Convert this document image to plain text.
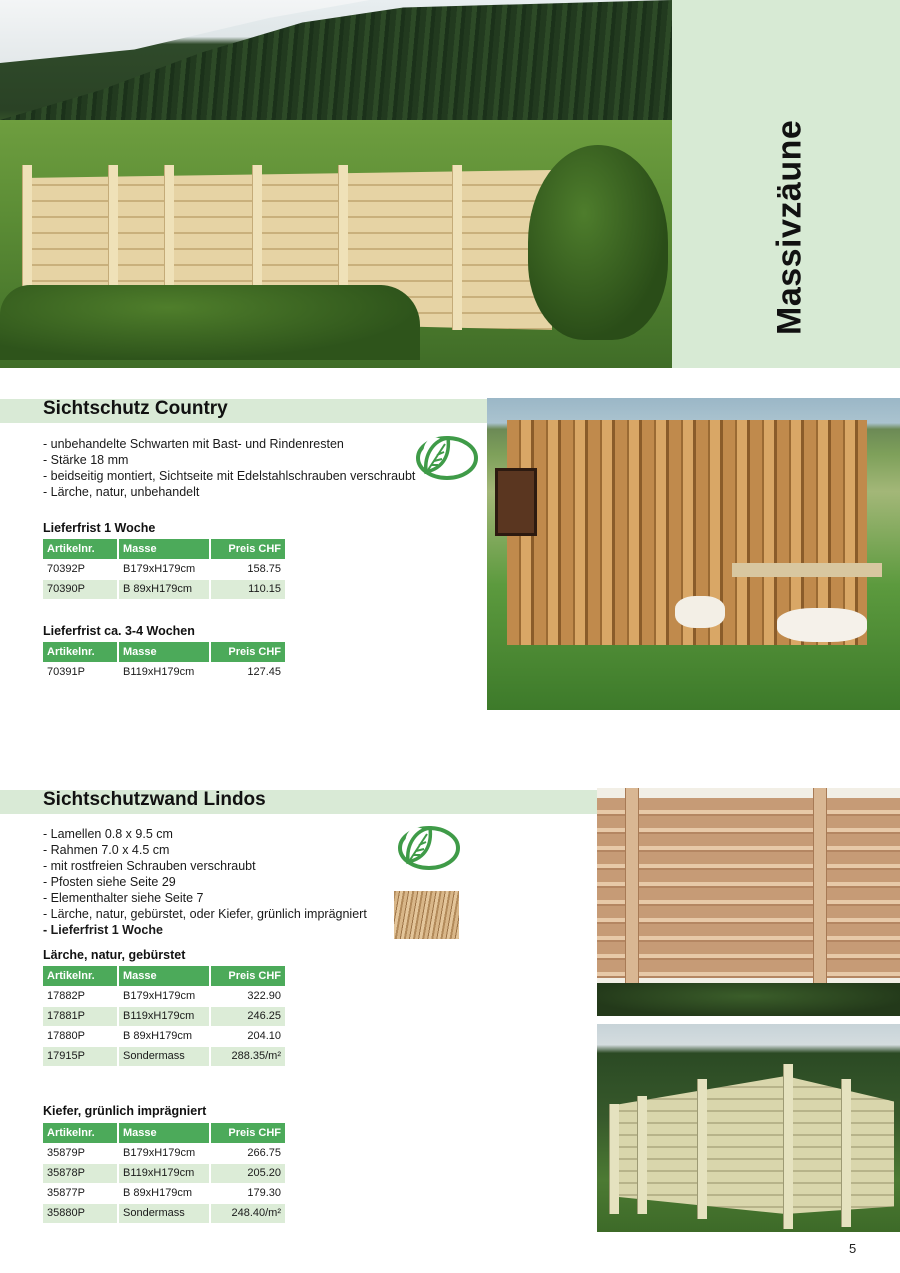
Massivzäune
Sichtschutz Country
- unbehandelte Schwarten mit Bast- und Rindenresten
- Stärke 18 mm
- beidseitig montiert, Sichtseite mit Edelstahlschrauben verschraubt
- Lärche, natur, unbehandelt
Lieferfrist 1 Woche
Artikelnr.	Masse	Preis CHF
70392P	B179xH179cm	158.75
70390P	B 89xH179cm	110.15
Lieferfrist ca. 3-4 Wochen
Artikelnr.	Masse	Preis CHF
70391P	B119xH179cm	127.45
Sichtschutzwand Lindos
- Lamellen 0.8 x 9.5 cm
- Rahmen 7.0 x 4.5 cm
- mit rostfreien Schrauben verschraubt
- Pfosten siehe Seite 29
- Elementhalter siehe Seite 7
- Lärche, natur, gebürstet, oder Kiefer, grünlich imprägniert
- Lieferfrist 1 Woche
Lärche, natur, gebürstet
Artikelnr.	Masse	Preis CHF
17882P	B179xH179cm	322.90
17881P	B119xH179cm	246.25
17880P	B 89xH179cm	204.10
17915P	Sondermass	288.35/m²
Kiefer, grünlich imprägniert
Artikelnr.	Masse	Preis CHF
35879P	B179xH179cm	266.75
35878P	B119xH179cm	205.20
35877P	B 89xH179cm	179.30
35880P	Sondermass	248.40/m²
5
